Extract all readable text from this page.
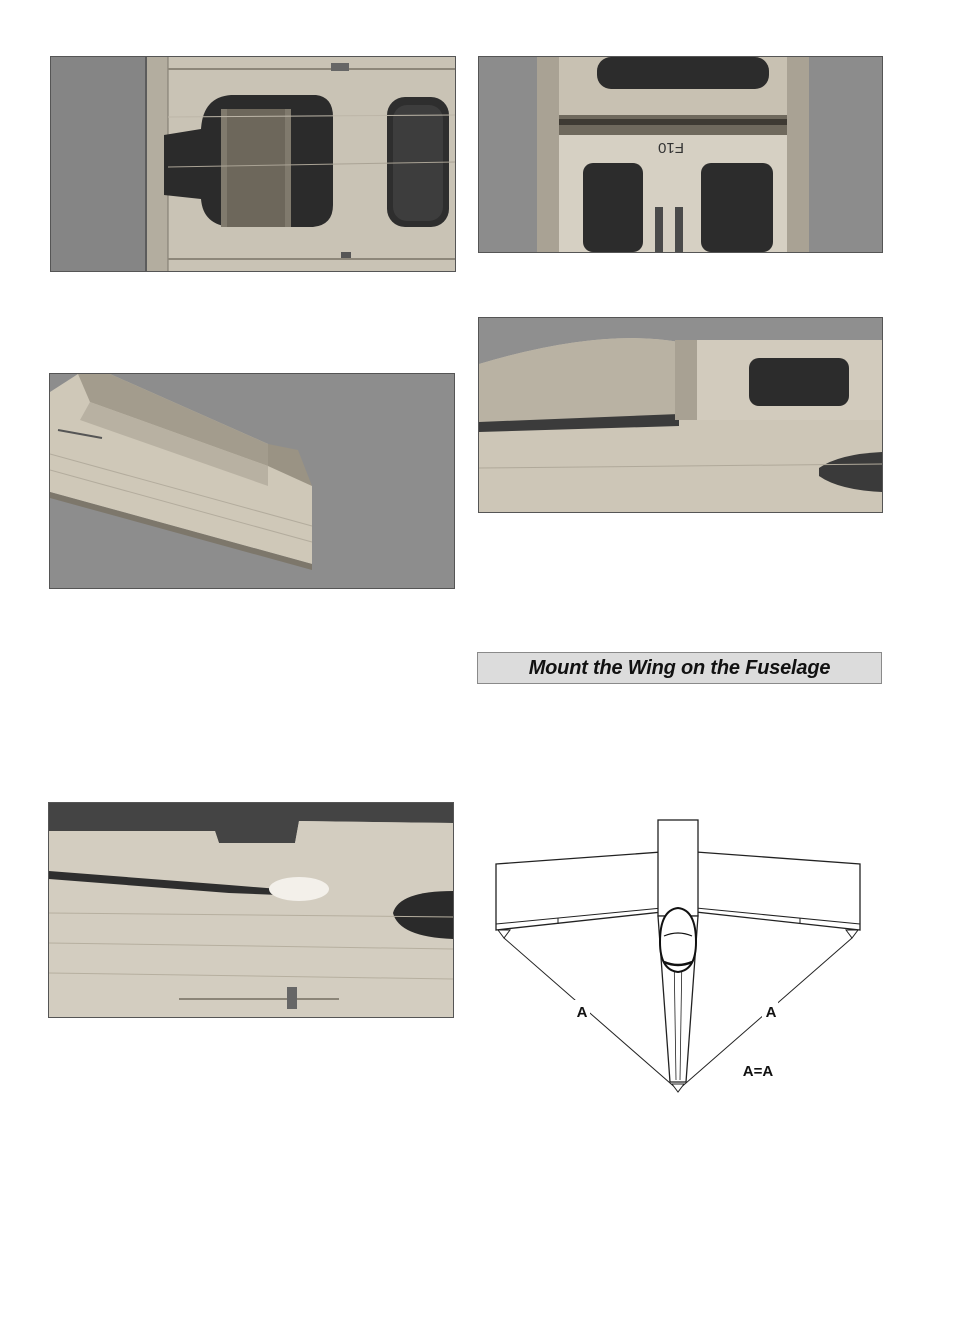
F10
Mount the Wing on the Fuselage
A	A
A=A
